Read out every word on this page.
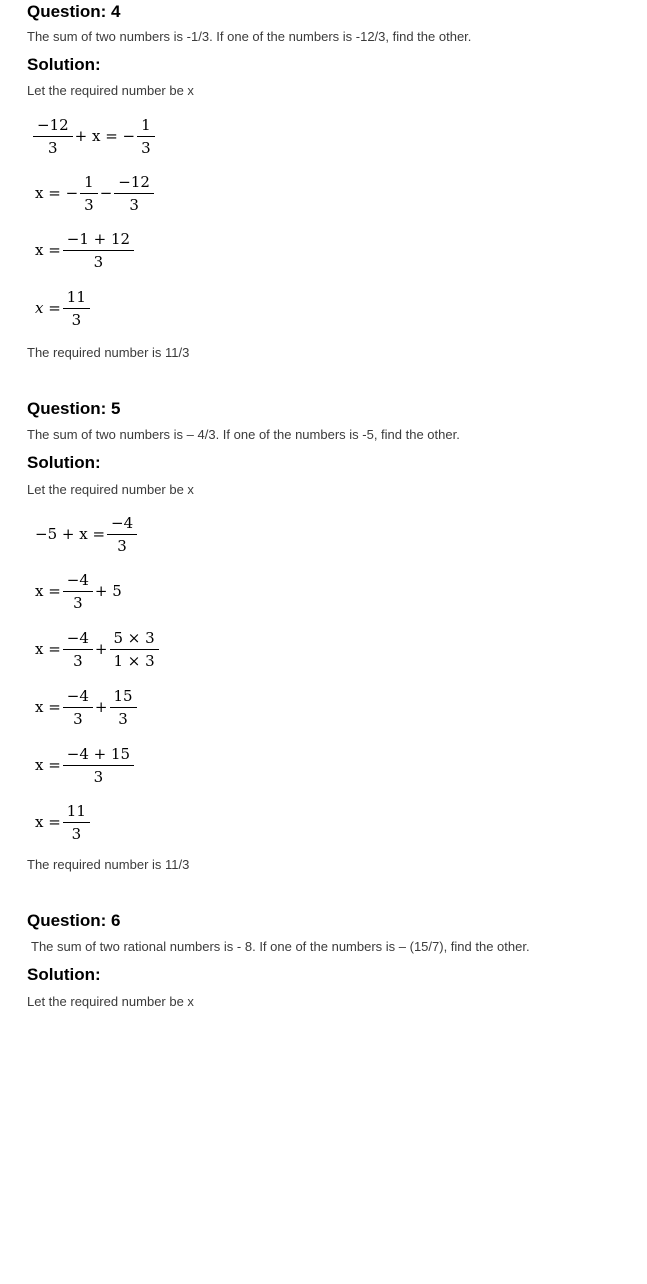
Question: 4
The sum of two numbers is -1/3. If one of the numbers is -12/3, find the other.
Solution:
Let the required number be x
$\frac{-12}{3} + x$ = − $\frac{1}{3}$
x = − $\frac{1}{3} - \frac{-12}{3}$
$x = \frac{-1 + 12}{3}$
$x = \frac{11}{3}$
The required number is 11/3
Question: 5
The sum of two numbers is – 4/3. If one of the numbers is -5, find the other.
Solution:
Let the required number be x
$-5 + x = \frac{-4}{3}$
$x = \frac{-4}{3} + 5$
$x = \frac{-4}{3} + \frac{5 \times 3}{1 \times 3}$
$x = \frac{-4}{3} + \frac{15}{3}$
$x = \frac{-4 + 15}{3}$
$x = \frac{11}{3}$
The required number is 11/3
Question: 6
The sum of two rational numbers is - 8. If one of the numbers is – (15/7), find the other.
Solution:
Let the required number be x
